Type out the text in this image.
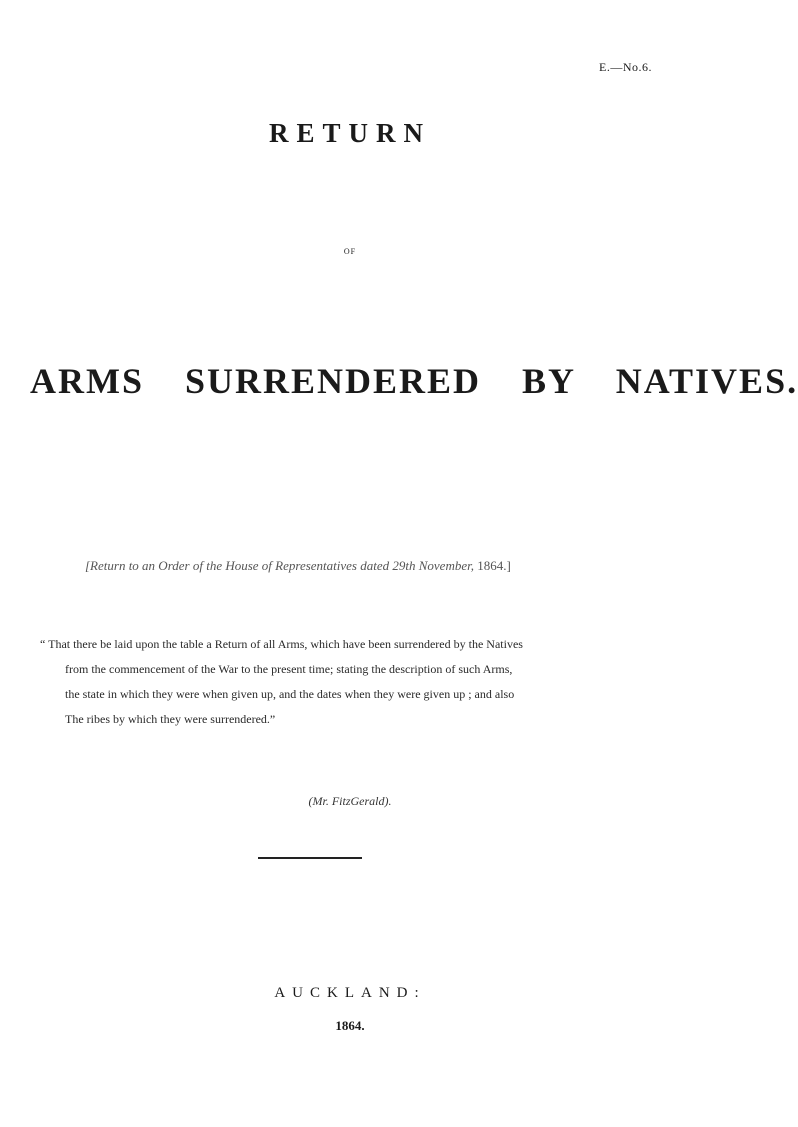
E.—No.6.
RETURN
OF
ARMS SURRENDERED BY NATIVES.
[Return to an Order of the House of Representatives dated 29th November, 1864.]
“ That there be laid upon the table a Return of all Arms, which have been surrendered by the Natives
from the commencement of the War to the present time; stating the description of such Arms,
the state in which they were when given up, and the dates when they were given up ; and also
The ribes by which they were surrendered.”
(Mr. FitzGerald).
AUCKLAND:
1864.
